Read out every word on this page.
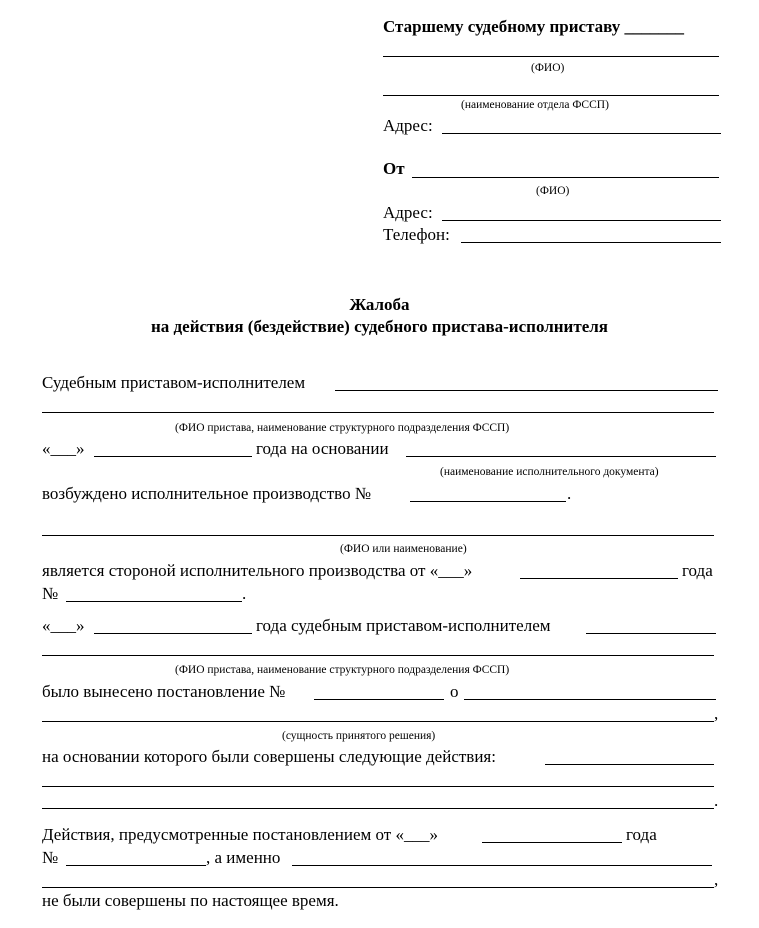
Старшему судебному приставу _______
(ФИО)
(наименование отдела ФССП)
Адрес:
От
(ФИО)
Адрес:
Телефон:
Жалоба
на действия (бездействие) судебного пристава-исполнителя
Судебным приставом-исполнителем
(ФИО пристава, наименование структурного подразделения ФССП)
«___»	года на основании
(наименование исполнительного документа)
возбуждено исполнительное производство №	.
(ФИО или наименование)
является стороной исполнительного производства от «___»	года
№	.
«___»	года судебным приставом-исполнителем
(ФИО пристава, наименование структурного подразделения ФССП)
было вынесено постановление №	о
,
(сущность принятого решения)
на основании которого были совершены следующие действия:
.
Действия, предусмотренные постановлением от «___»	года
№	, а именно
,
не были совершены по настоящее время.
